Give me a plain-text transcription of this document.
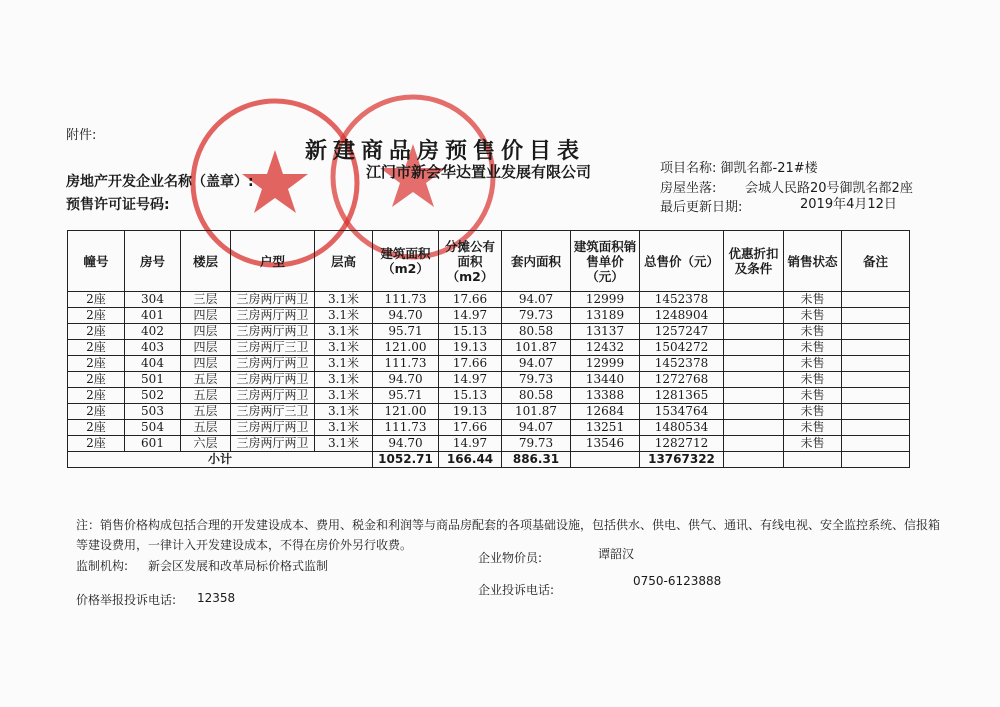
附件:
新建商品房预售价目表
房地产开发企业名称（盖章）:
江门市新会华达置业发展有限公司
预售许可证号码:
项目名称: 御凯名都-21#楼
房屋坐落: 会城人民路20号御凯名都2座
最后更新日期:	2019年4月12日
幢号	房号	楼层	户型	层高	建筑面积（m2）	分摊公有面积（m2）	套内面积	建筑面积销售单价（元）	总售价（元）	优惠折扣及条件	销售状态	备注
2座	304	三层	三房两厅两卫	3.1米	111.73	17.66	94.07	12999	1452378		未售	
2座	401	四层	三房两厅两卫	3.1米	94.70	14.97	79.73	13189	1248904		未售	
2座	402	四层	三房两厅两卫	3.1米	95.71	15.13	80.58	13137	1257247		未售	
2座	403	四层	三房两厅三卫	3.1米	121.00	19.13	101.87	12432	1504272		未售	
2座	404	四层	三房两厅两卫	3.1米	111.73	17.66	94.07	12999	1452378		未售	
2座	501	五层	三房两厅两卫	3.1米	94.70	14.97	79.73	13440	1272768		未售	
2座	502	五层	三房两厅两卫	3.1米	95.71	15.13	80.58	13388	1281365		未售	
2座	503	五层	三房两厅三卫	3.1米	121.00	19.13	101.87	12684	1534764		未售	
2座	504	五层	三房两厅两卫	3.1米	111.73	17.66	94.07	13251	1480534		未售	
2座	601	六层	三房两厅两卫	3.1米	94.70	14.97	79.73	13546	1282712		未售	
小计					1052.71	166.44	886.31		13767322			
注：销售价格构成包括合理的开发建设成本、费用、税金和利润等与商品房配套的各项基础设施，包括供水、供电、供气、通讯、有线电视、安全监控系统、信报箱等建设费用，一律计入开发建设成本，不得在房价外另行收费。
监制机构: 新会区发展和改革局标价格式监制
企业物价员:	谭韶汉
价格举报投诉电话: 12358
企业投诉电话:
0750-6123888
